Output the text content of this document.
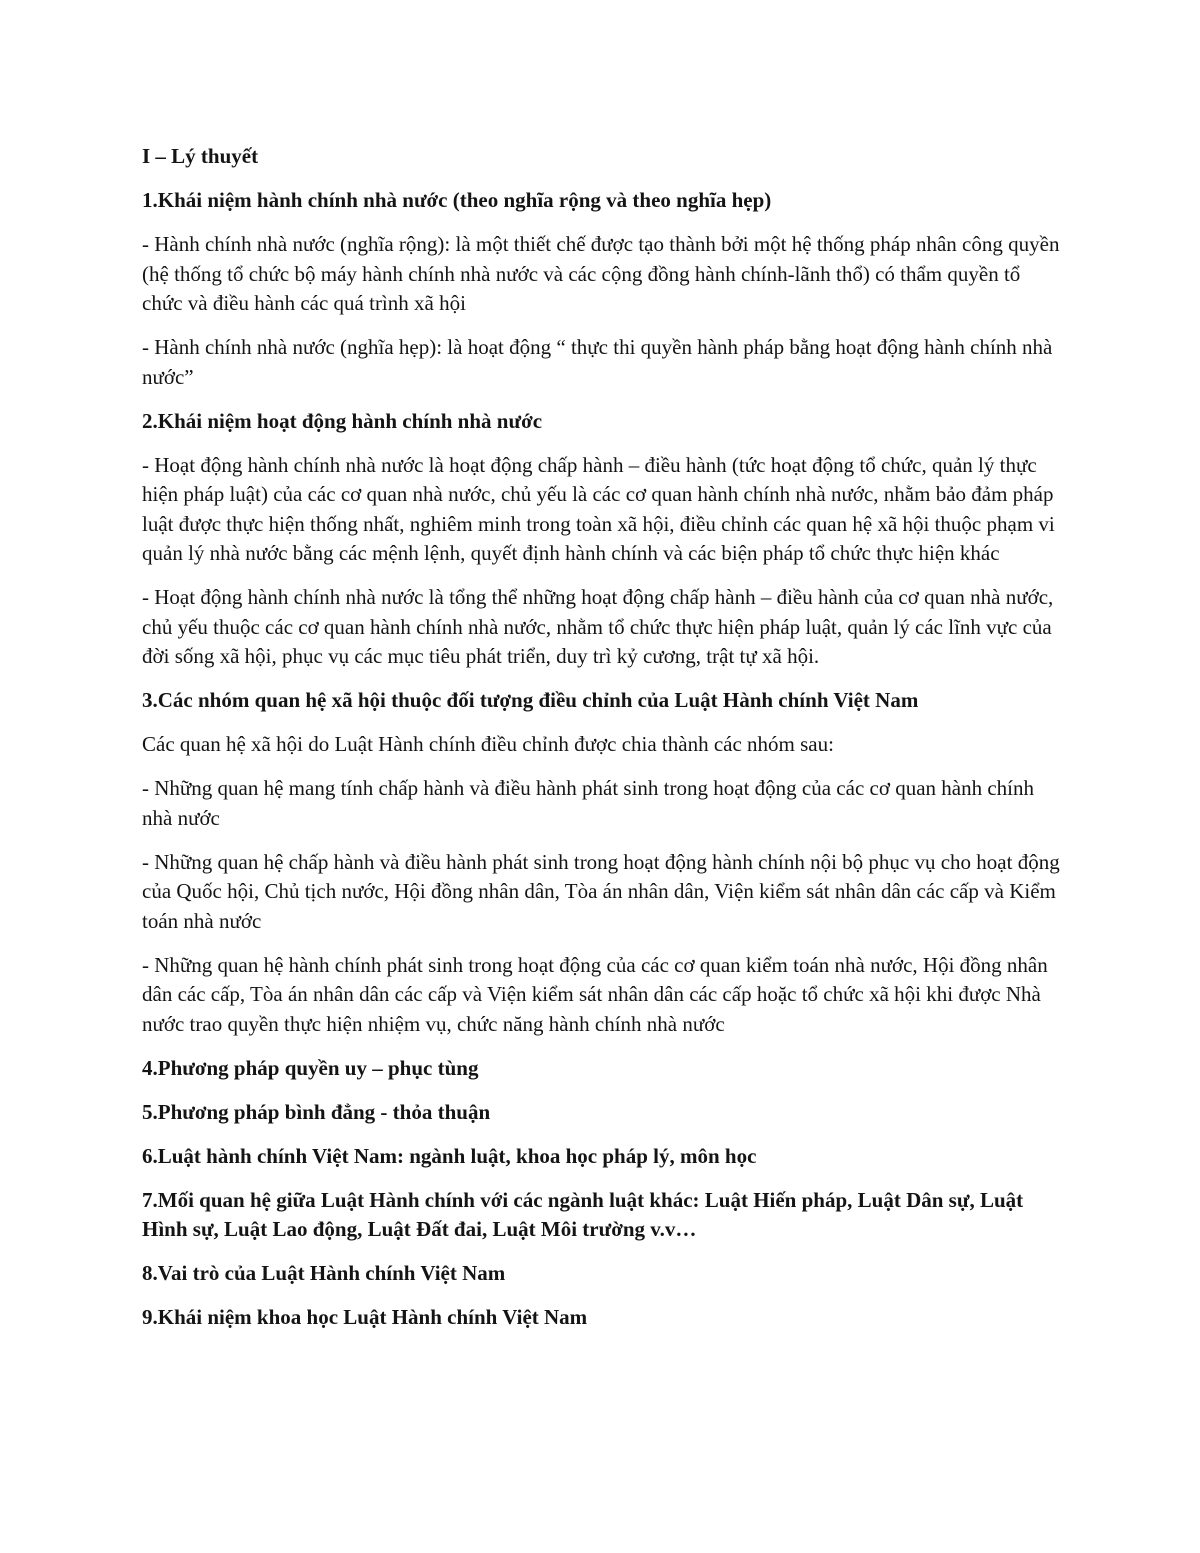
I – Lý thuyết
1.Khái niệm hành chính nhà nước (theo nghĩa rộng và theo nghĩa hẹp)
- Hành chính nhà nước (nghĩa rộng): là một thiết chế được tạo thành bởi một hệ thống pháp nhân công quyền (hệ thống tổ chức bộ máy hành chính nhà nước và các cộng đồng hành chính-lãnh thổ) có thẩm quyền tổ chức và điều hành các quá trình xã hội
- Hành chính nhà nước (nghĩa hẹp): là hoạt động “ thực thi quyền hành pháp bằng hoạt động hành chính nhà nước”
2.Khái niệm hoạt động hành chính nhà nước
- Hoạt động hành chính nhà nước là hoạt động chấp hành – điều hành (tức hoạt động tổ chức, quản lý thực hiện pháp luật) của các cơ quan nhà nước, chủ yếu là các cơ quan hành chính nhà nước, nhằm bảo đảm pháp luật được thực hiện thống nhất, nghiêm minh trong toàn xã hội, điều chỉnh các quan hệ xã hội thuộc phạm vi quản lý nhà nước bằng các mệnh lệnh, quyết định hành chính và các biện pháp tổ chức thực hiện khác
- Hoạt động hành chính nhà nước là tổng thể những hoạt động chấp hành – điều hành của cơ quan nhà nước, chủ yếu thuộc các cơ quan hành chính nhà nước, nhằm tổ chức thực hiện pháp luật, quản lý các lĩnh vực của đời sống xã hội, phục vụ các mục tiêu phát triển, duy trì kỷ cương, trật tự xã hội.
3.Các nhóm quan hệ xã hội thuộc đối tượng điều chỉnh của Luật Hành chính Việt Nam
Các quan hệ xã hội do Luật Hành chính điều chỉnh được chia thành các nhóm sau:
- Những quan hệ mang tính chấp hành và điều hành phát sinh trong hoạt động của các cơ quan hành chính nhà nước
- Những quan hệ chấp hành và điều hành phát sinh trong hoạt động hành chính nội bộ phục vụ cho hoạt động của Quốc hội, Chủ tịch nước, Hội đồng nhân dân, Tòa án nhân dân, Viện kiểm sát nhân dân các cấp và Kiểm toán nhà nước
- Những quan hệ hành chính phát sinh trong hoạt động của các cơ quan kiểm toán nhà nước, Hội đồng nhân dân các cấp, Tòa án nhân dân các cấp và Viện kiểm sát nhân dân các cấp hoặc tổ chức xã hội khi được Nhà nước trao quyền thực hiện nhiệm vụ, chức năng hành chính nhà nước
4.Phương pháp quyền uy – phục tùng
5.Phương pháp bình đẳng - thỏa thuận
6.Luật hành chính Việt Nam: ngành luật, khoa học pháp lý, môn học
7.Mối quan hệ giữa Luật Hành chính với các ngành luật khác: Luật Hiến pháp, Luật Dân sự, Luật Hình sự, Luật Lao động, Luật Đất đai, Luật Môi trường v.v…
8.Vai trò của Luật Hành chính Việt Nam
9.Khái niệm khoa học Luật Hành chính Việt Nam
